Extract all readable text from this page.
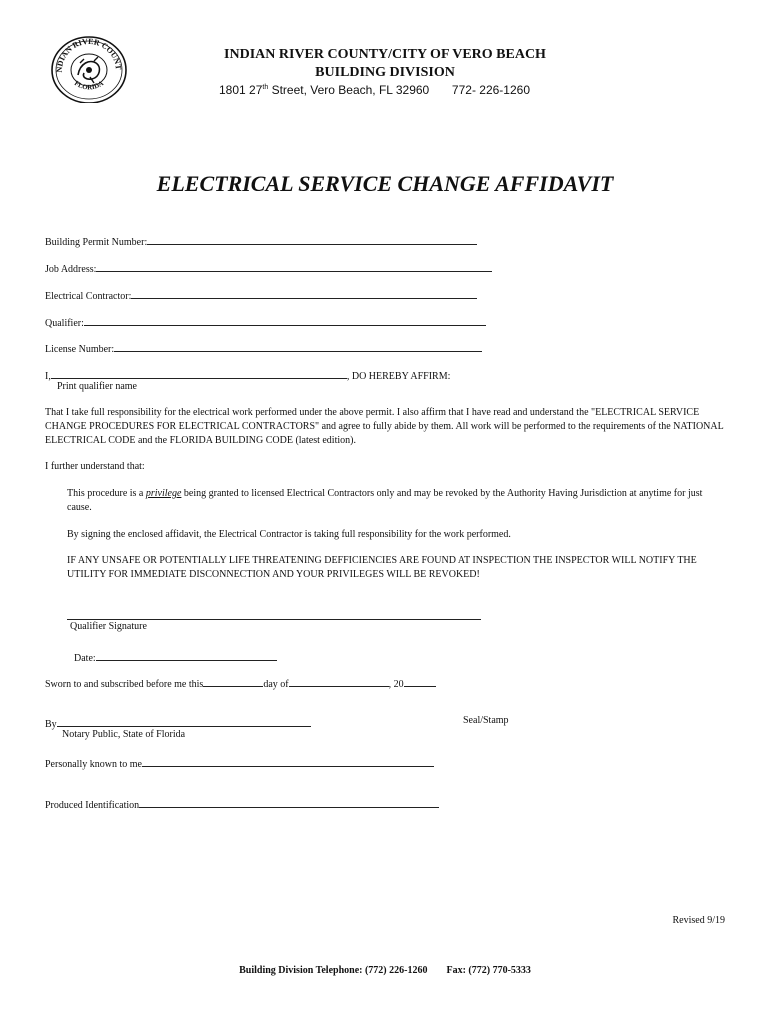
NDIAN RIVER COUNT
FLORIDA
INDIAN RIVER COUNTY/CITY OF VERO BEACH
BUILDING DIVISION
1801 27th Street, Vero Beach, FL 32960 772- 226-1260
ELECTRICAL SERVICE CHANGE AFFIDAVIT
Building Permit Number:
Job Address:
Electrical Contractor:
Qualifier:
License Number:
I,	, DO HEREBY AFFIRM:
Print qualifier name
That I take full responsibility for the electrical work performed under the above permit. I also affirm that I have read and understand the "ELECTRICAL SERVICE CHANGE PROCEDURES FOR ELECTRICAL CONTRACTORS" and agree to fully abide by them. All work will be performed to the requirements of the NATIONAL ELECTRICAL CODE and the FLORIDA BUILDING CODE (latest edition).
I further understand that:
This procedure is a privilege being granted to licensed Electrical Contractors only and may be revoked by the Authority Having Jurisdiction at anytime for just cause.
By signing the enclosed affidavit, the Electrical Contractor is taking full responsibility for the work performed.
IF ANY UNSAFE OR POTENTIALLY LIFE THREATENING DEFFICIENCIES ARE FOUND AT INSPECTION THE INSPECTOR WILL NOTIFY THE UTILITY FOR IMMEDIATE DISCONNECTION AND YOUR PRIVILEGES WILL BE REVOKED!
Qualifier Signature
Date:
Sworn to and subscribed before me this	day of	, 20
By	Seal/Stamp
Notary Public, State of Florida
Personally known to me
Produced Identification
Revised 9/19
Building Division Telephone: (772) 226-1260 Fax: (772) 770-5333
